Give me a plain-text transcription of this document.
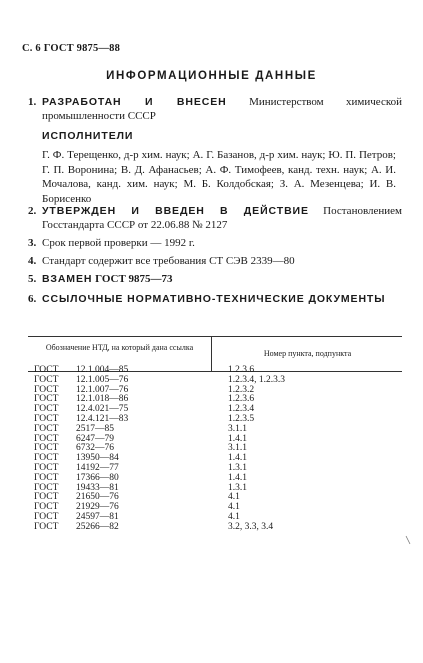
С. 6 ГОСТ 9875—88
ИНФОРМАЦИОННЫЕ ДАННЫЕ
1. РАЗРАБОТАН И ВНЕСЕН Министерством химической промышленности СССР
ИСПОЛНИТЕЛИ
Г. Ф. Терещенко, д-р хим. наук; А. Г. Базанов, д-р хим. наук; Ю. П. Петров; Г. П. Воронина; В. Д. Афанасьев; А. Ф. Тимофеев, канд. техн. наук; А. И. Мочалова, канд. хим. наук; М. Б. Колдобская; З. А. Мезенцева; И. В. Борисенко
2. УТВЕРЖДЕН И ВВЕДЕН В ДЕЙСТВИЕ Постановлением Госстандарта СССР от 22.06.88 № 2127
3. Срок первой проверки — 1992 г.
4. Стандарт содержит все требования СТ СЭВ 2339—80
5. ВЗАМЕН ГОСТ 9875—73
6. ССЫЛОЧНЫЕ НОРМАТИВНО-ТЕХНИЧЕСКИЕ ДОКУМЕНТЫ
Обозначение НТД, на который дана ссылка
Номер пункта, подпункта
ГОСТ 12.1.004—85	1.2.3.6
ГОСТ 12.1.005—76	1.2.3.4, 1.2.3.3
ГОСТ 12.1.007—76	1.2.3.2
ГОСТ 12.1.018—86	1.2.3.6
ГОСТ 12.4.021—75	1.2.3.4
ГОСТ 12.4.121—83	1.2.3.5
ГОСТ 2517—85	3.1.1
ГОСТ 6247—79	1.4.1
ГОСТ 6732—76	3.1.1
ГОСТ 13950—84	1.4.1
ГОСТ 14192—77	1.3.1
ГОСТ 17366—80	1.4.1
ГОСТ 19433—81	1.3.1
ГОСТ 21650—76	4.1
ГОСТ 21929—76	4.1
ГОСТ 24597—81	4.1
ГОСТ 25266—82	3.2, 3.3, 3.4
